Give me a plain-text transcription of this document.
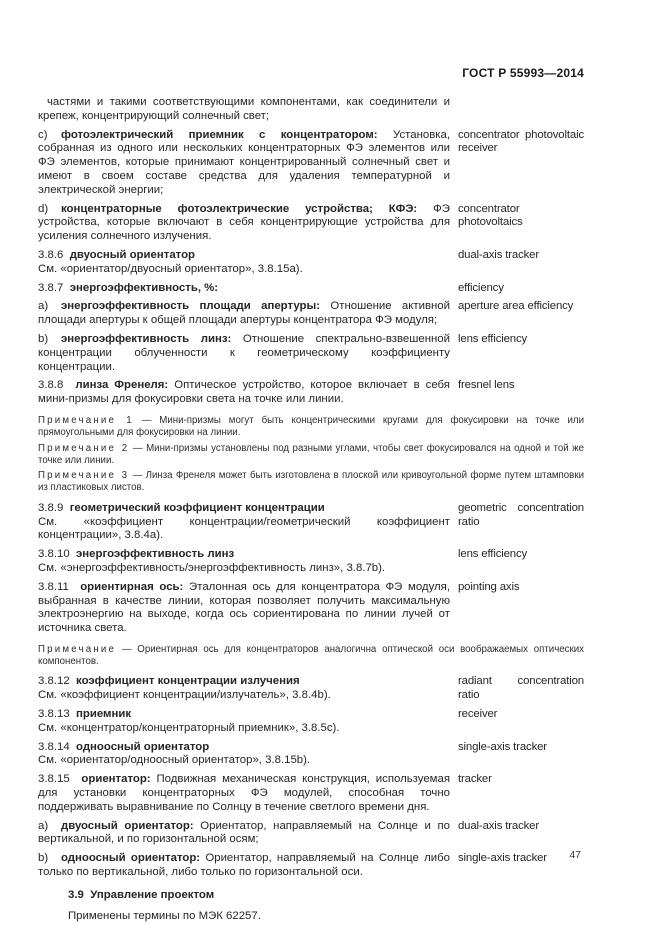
ГОСТ Р 55993—2014
частями и такими соответствующими компонентами, как соединители и крепеж, концентрирующий солнечный свет;
c) фотоэлектрический приемник с концентратором: Установка, собранная из одного или нескольких концентраторных ФЭ элементов или ФЭ элементов, которые принимают концентрированный солнечный свет и имеют в своем составе средства для удаления температурной и электрической энергии;
concentrator photovoltaic receiver
d) концентраторные фотоэлектрические устройства; КФЭ: ФЭ устройства, которые включают в себя концентрирующие устройства для усиления солнечного излучения.
concentrator photovoltaics
3.8.6 двуосный ориентатор
См. «ориентатор/двуосный ориентатор», 3.8.15a).
dual-axis tracker
3.8.7 энергоэффективность, %:	efficiency
a) энергоэффективность площади апертуры: Отношение активной площади апертуры к общей площади апертуры концентратора ФЭ модуля;
aperture area efficiency
b) энергоэффективность линз: Отношение спектрально-взвешенной концентрации облученности к геометрическому коэффициенту концентрации.
lens efficiency
3.8.8 линза Френеля: Оптическое устройство, которое включает в себя мини-призмы для фокусировки света на точке или линии.
fresnel lens
Примечание 1 — Мини-призмы могут быть концентрическими кругами для фокусировки на точке или прямоугольными для фокусировки на линии.
Примечание 2 — Мини-призмы установлены под разными углами, чтобы свет фокусировался на одной и той же точке или линии.
Примечание 3 — Линза Френеля может быть изготовлена в плоской или кривоугольной форме путем штамповки из пластиковых листов.
3.8.9 геометрический коэффициент концентрации
См. «коэффициент концентрации/геометрический коэффициент концентрации», 3.8.4a).
geometric concentration ratio
3.8.10 энергоэффективность линз
См. «энергоэффективность/энергоэффективность линз», 3.8.7b).
lens efficiency
3.8.11 ориентирная ось: Эталонная ось для концентратора ФЭ модуля, выбранная в качестве линии, которая позволяет получить максимальную электроэнергию на выходе, когда ось сориентирована по линии лучей от источника света.
pointing axis
Примечание — Ориентирная ось для концентраторов аналогична оптической оси воображаемых оптических компонентов.
3.8.12 коэффициент концентрации излучения
См. «коэффициент концентрации/излучатель», 3.8.4b).
radiant concentration ratio
3.8.13 приемник
См. «концентратор/концентраторный приемник», 3.8.5c).
receiver
3.8.14 одноосный ориентатор
См. «ориентатор/одноосный ориентатор», 3.8.15b).
single-axis tracker
3.8.15 ориентатор: Подвижная механическая конструкция, используемая для установки концентраторных ФЭ модулей, способная точно поддерживать выравнивание по Солнцу в течение светлого времени дня.
tracker
a) двуосный ориентатор: Ориентатор, направляемый на Солнце и по вертикальной, и по горизонтальной осям;
dual-axis tracker
b) одноосный ориентатор: Ориентатор, направляемый на Солнце либо только по вертикальной, либо только по горизонтальной оси.
single-axis tracker
3.9 Управление проектом
Применены термины по МЭК 62257.
47
